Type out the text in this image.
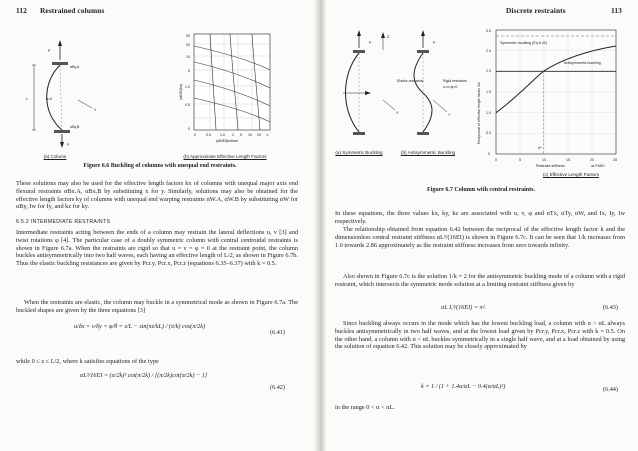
112 Restrained columns
P
αBy,A
u=0
αBy,B
P
L
Y
50
20
10
5
1.0
0.5
0
(αB/EI)top
0	0.5	1.0 2 5 10 20 ∞
(αB/EI)bottom
(a) Column	(b) Approximate Effective Length Factors
Figure 6.6 Buckling of columns with unequal end restraints.
These solutions may also be used for the effective length factors kx of columns with unequal major axis end flexural restraints αBx.A, αBx.B by substituting x for y. Similarly, solutions may also be obtained for the effective length factors ky of columns with unequal end warping restraints αW.A, αW.B by substituting αW for αBy, Iw for Iy, and kz for ky.
6.5.2 INTERMEDIATE RESTRAINTS
Intermediate restraints acting between the ends of a column may restrain the lateral deflections u, v [3] and twist rotations φ [4]. The particular case of a doubly symmetric column with central centroidal restraints is shown in Figure 6.7a. When the restraints are rigid so that u = v = φ = 0 at the restraint point, the column buckles antisymmetrically into two half waves, each having an effective length of L/2, as shown in Figure 6.7b. Thus the elastic buckling resistances are given by Pcr.y, Pcr.x, Pcr.z (equations 6.35–6.37) with k = 0.5.
When the restraints are elastic, the column may buckle in a symmetrical mode as shown in Figure 6.7a. The buckled shapes are given by the three equations [3]
u/δx = v/δy = φ/θ = z/L − sin(πz/kL) / (π/k) cos(π/2k)
(6.41)
while 0 ≤ z ≤ L/2, where k satisfies equations of the type
αL³/16EI = (π/2k)³ cot(π/2k) / [(π/2k)cot(π/2k) − 1]
(6.42)
Discrete restraints	113
P
Z
Y
Elastic restraints	Rigid restraints
u=v=φ=0
P
Y
Symmetric buckling (Eq 6.42)
Antisymmetric buckling
π²
0
0.5
1.0
1.5
2.0
2.5
3.0
0	5	10	15	20	25
Restraint stiffness	αL³/16EI
Reciprocal of effective length factor 1/k
(a) Symmetric Buckling	(b) Antisymmetric Buckling
(c) Effective Length Factors
Figure 6.7 Column with central restraints.
In these equations, the three values kx, ky, kz are associated with u, v, φ and αTx, αTy, αW, and Ix, Iy, Iw respectively.
The relationship obtained from equation 6.42 between the reciprocal of the effective length factor k and the dimensionless central restraint stiffness αL³/(16EI) is shown in Figure 6.7c. It can be seen that 1/k increases from 1.0 towards 2.86 approximately as the restraint stiffness increases from zero towards infinity.
Also shown in Figure 6.7c is the solution 1/k = 2 for the antisymmetric buckling mode of a column with a rigid restraint, which intersects the symmetric mode solution at a limiting restraint stiffness given by
αL L³/(16EI) = π².	(6.43)
Since buckling always occurs in the mode which has the lowest buckling load, a column with α > αL always buckles antisymmetrically in two half waves, and at the lowest load given by Pcr.y, Pcr.x, Pcr.z with k = 0.5. On the other hand, a column with α < αL buckles symmetrically in a single half wave, and at a load obtained by using the solution of equation 6.42. This solution may be closely approximated by
k = 1 / (1 + 1.4α/αL − 0.4(α/αL)²)	(6.44)
in the range 0 < α < αL.
